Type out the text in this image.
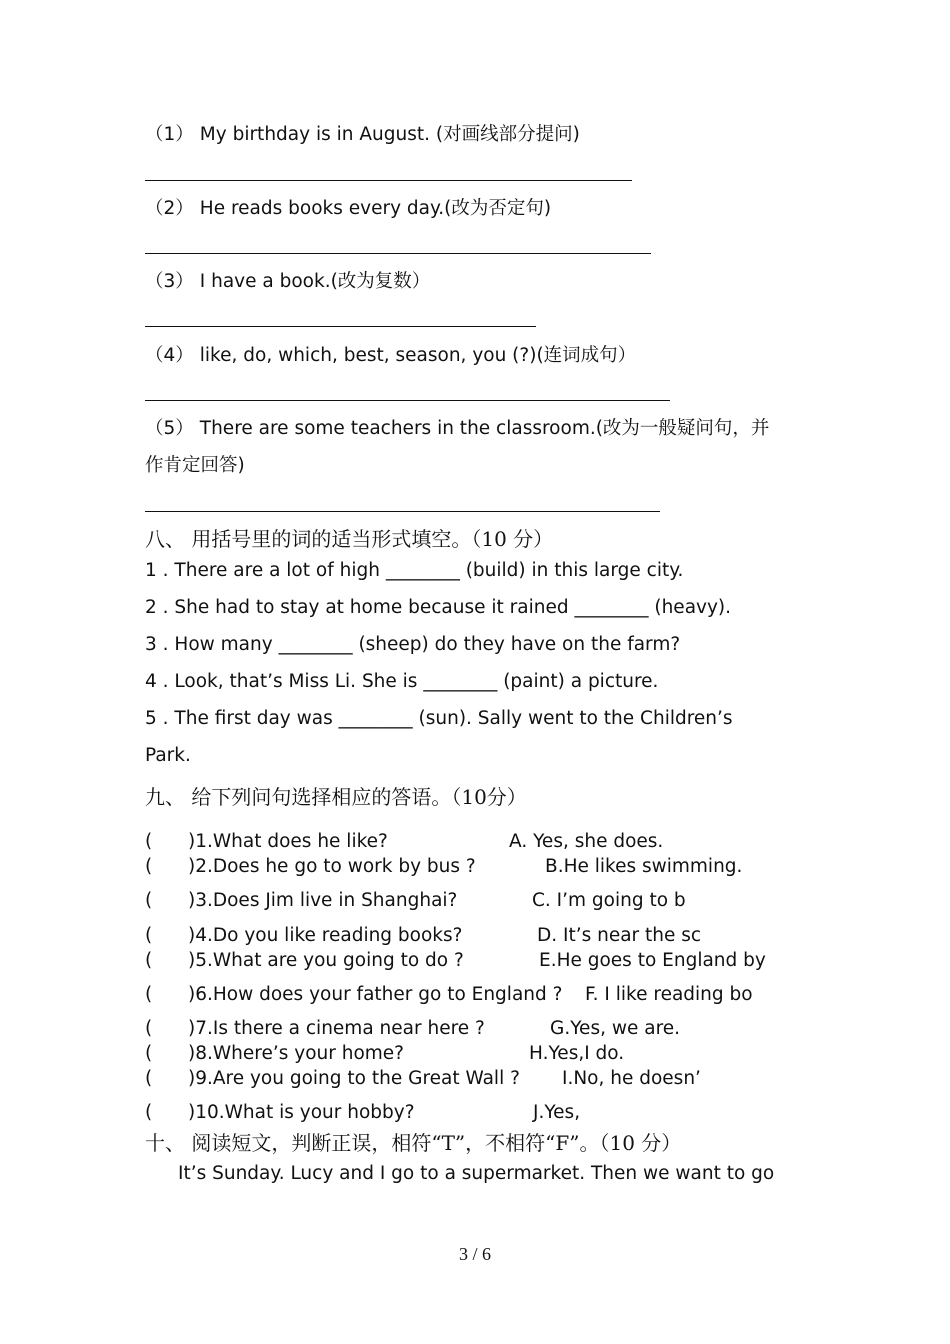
（1） My birthday is in August. (对画线部分提问)
（2） He reads books every day.(改为否定句)
（3） I have a book.(改为复数）
（4） like, do, which, best, season, you (?)(连词成句）
（5） There are some teachers in the classroom.(改为一般疑问句，并
作肯定回答)
八、 用括号里的词的适当形式填空。（10 分）
1 . There are a lot of high ________ (build) in this large city.
2 . She had to stay at home because it rained ________ (heavy).
3 . How many ________ (sheep) do they have on the farm?
4 . Look, that’s Miss Li. She is ________ (paint) a picture.
5 . The first day was ________ (sun). Sally went to the Children’s
Park.
九、 给下列问句选择相应的答语。（10分）
( )1.What does he like?	A. Yes, she does.
( )2.Does he go to work by bus ?	B.He likes swimming.
( )3.Does Jim live in Shanghai?	C. I’m going to b
( )4.Do you like reading books?	D. It’s near the sc
( )5.What are you going to do ?	E.He goes to England by
( )6.How does your father go to England ? F. I like reading bo
( )7.Is there a cinema near here ?	G.Yes, we are.
( )8.Where’s your home?	H.Yes,I do.
( )9.Are you going to the Great Wall ? I.No, he doesn’
( )10.What is your hobby?	J.Yes,
十、 阅读短文，判断正误，相符“T”，不相符“F”。（10 分）
It’s Sunday. Lucy and I go to a supermarket. Then we want to go
3 / 6
